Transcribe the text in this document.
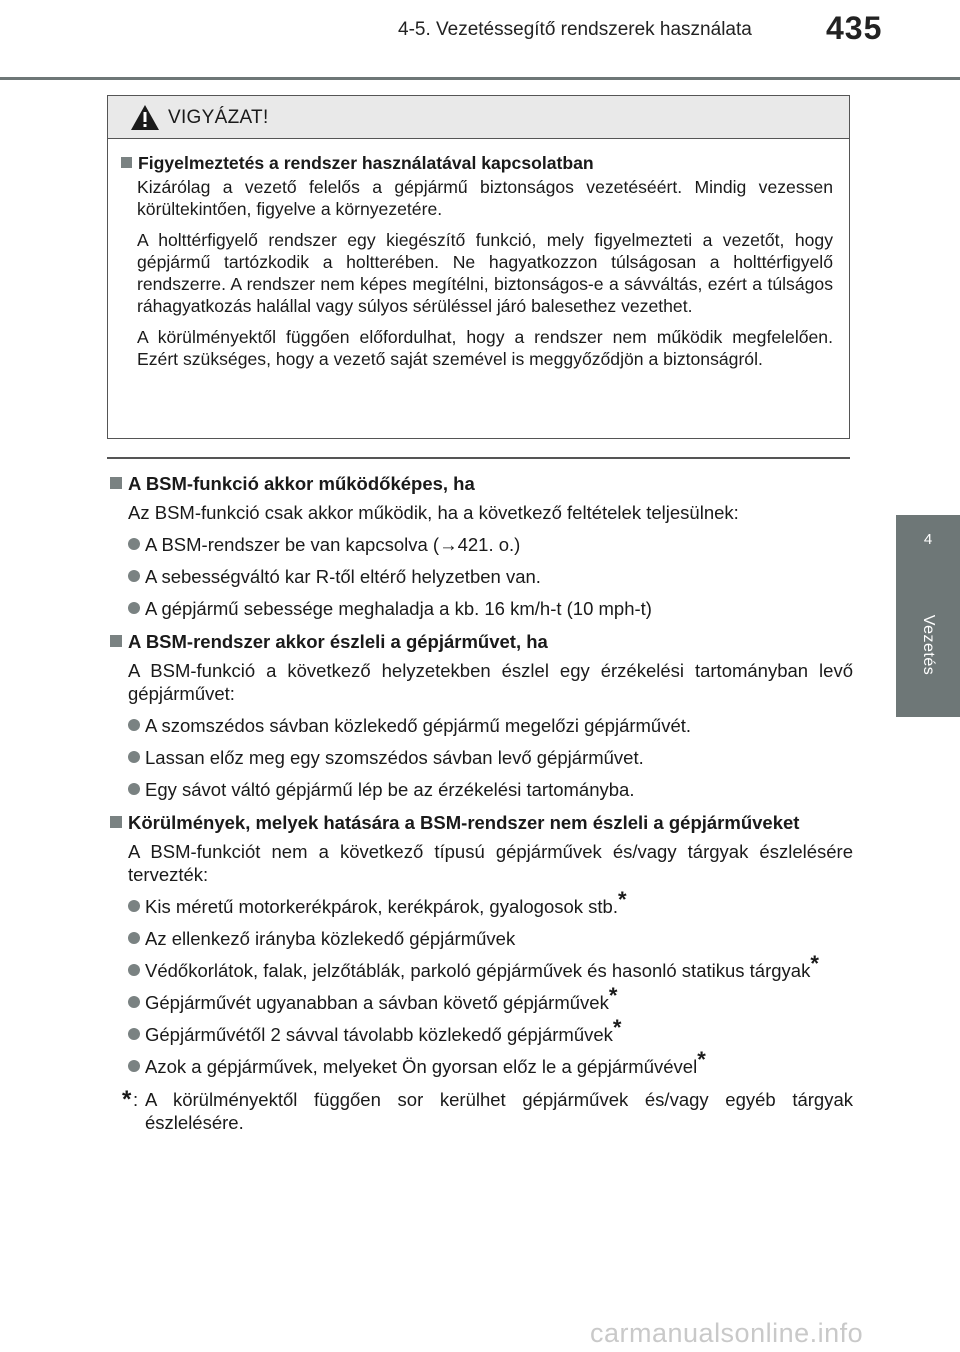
4-5. Vezetéssegítő rendszerek használata	435
4
Vezetés
VIGYÁZAT!
Figyelmeztetés a rendszer használatával kapcsolatban
Kizárólag a vezető felelős a gépjármű biztonságos vezetéséért. Mindig vezessen körültekintően, figyelve a környezetére.
A holttérfigyelő rendszer egy kiegészítő funkció, mely figyelmezteti a vezetőt, hogy gépjármű tartózkodik a holtterében. Ne hagyatkozzon túlságosan a holttérfigyelő rendszerre. A rendszer nem képes megítélni, biztonságos-e a sávváltás, ezért a túlságos ráhagyatkozás halállal vagy súlyos sérüléssel járó balesethez vezethet.
A körülményektől függően előfordulhat, hogy a rendszer nem működik megfelelően. Ezért szükséges, hogy a vezető saját szemével is meggyőződjön a biztonságról.
A BSM-funkció akkor működőképes, ha
Az BSM-funkció csak akkor működik, ha a következő feltételek teljesülnek:
A BSM-rendszer be van kapcsolva (→421. o.)
A sebességváltó kar R-től eltérő helyzetben van.
A gépjármű sebessége meghaladja a kb. 16 km/h-t (10 mph-t)
A BSM-rendszer akkor észleli a gépjárművet, ha
A BSM-funkció a következő helyzetekben észlel egy érzékelési tartományban levő gépjárművet:
A szomszédos sávban közlekedő gépjármű megelőzi gépjárművét.
Lassan előz meg egy szomszédos sávban levő gépjárművet.
Egy sávot váltó gépjármű lép be az érzékelési tartományba.
Körülmények, melyek hatására a BSM-rendszer nem észleli a gépjárműveket
A BSM-funkciót nem a következő típusú gépjárművek és/vagy tárgyak észlelésére tervezték:
Kis méretű motorkerékpárok, kerékpárok, gyalogosok stb.*
Az ellenkező irányba közlekedő gépjárművek
Védőkorlátok, falak, jelzőtáblák, parkoló gépjárművek és hasonló statikus tárgyak*
Gépjárművét ugyanabban a sávban követő gépjárművek*
Gépjárművétől 2 sávval távolabb közlekedő gépjárművek*
Azok a gépjárművek, melyeket Ön gyorsan előz le a gépjárművével*
* : A körülményektől függően sor kerülhet gépjárművek és/vagy egyéb tárgyak észlelésére.
carmanualsonline.info
